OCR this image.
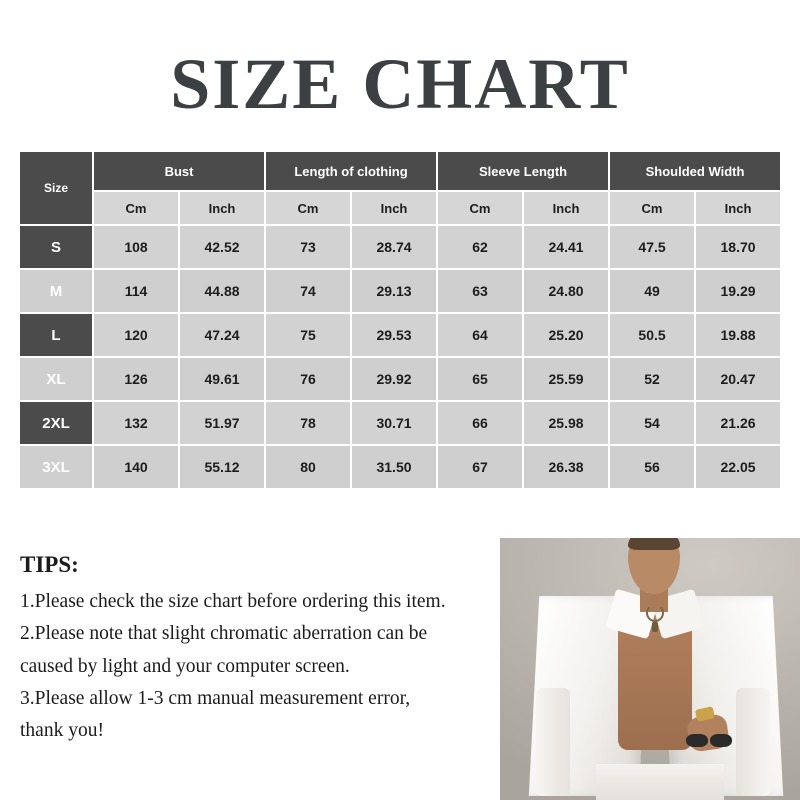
SIZE CHART
Size	Bust		Length of clothing		Sleeve Length		Shoulded Width	
	Cm	Inch	Cm	Inch	Cm	Inch	Cm	Inch
S	108	42.52	73	28.74	62	24.41	47.5	18.70
M	114	44.88	74	29.13	63	24.80	49	19.29
L	120	47.24	75	29.53	64	25.20	50.5	19.88
XL	126	49.61	76	29.92	65	25.59	52	20.47
2XL	132	51.97	78	30.71	66	25.98	54	21.26
3XL	140	55.12	80	31.50	67	26.38	56	22.05
TIPS:

1.Please check the size chart before ordering this item.

2.Please note that slight chromatic aberration can be

caused by light and your computer screen.

3.Please allow 1-3 cm manual measurement error,

thank you!
